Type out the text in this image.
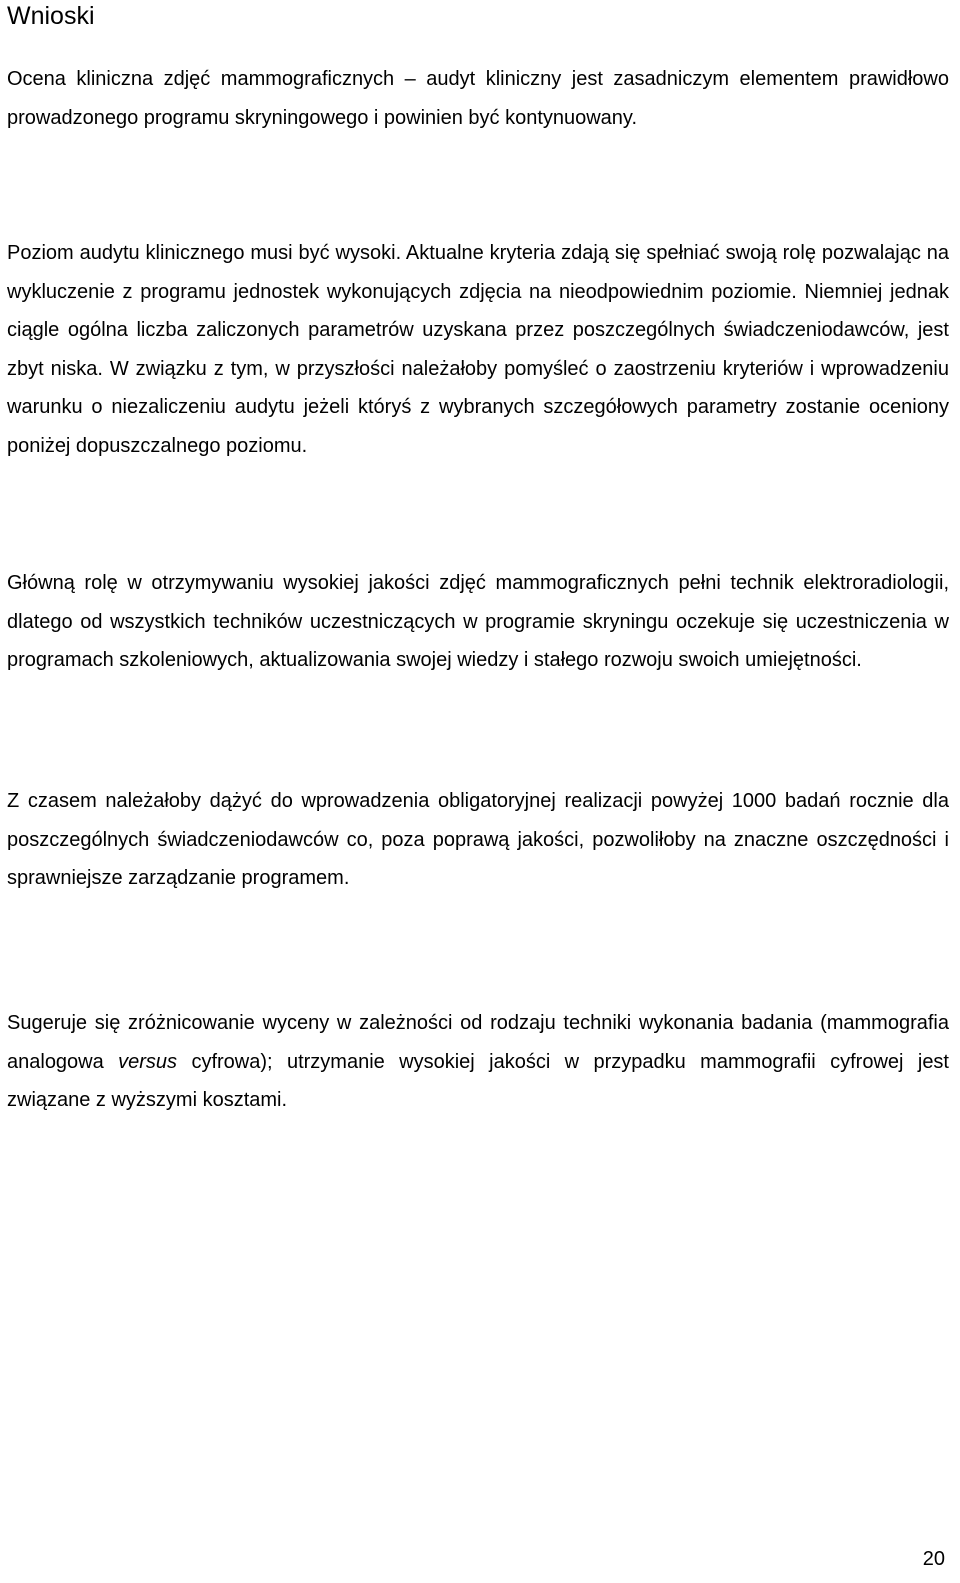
Wnioski

Ocena kliniczna zdjęć mammograficznych – audyt kliniczny jest zasadniczym elementem prawidłowo prowadzonego programu skryningowego i powinien być kontynuowany.

Poziom audytu klinicznego musi być wysoki. Aktualne kryteria zdają się spełniać swoją rolę pozwalając na wykluczenie z programu jednostek wykonujących zdjęcia na nieodpowiednim poziomie. Niemniej jednak ciągle ogólna liczba zaliczonych parametrów uzyskana przez poszczególnych świadczeniodawców, jest zbyt niska. W związku z tym, w przyszłości należałoby pomyśleć o zaostrzeniu kryteriów i wprowadzeniu warunku o niezaliczeniu audytu jeżeli któryś z wybranych szczegółowych parametry zostanie oceniony poniżej dopuszczalnego poziomu.

Główną rolę w otrzymywaniu wysokiej jakości zdjęć mammograficznych pełni technik elektroradiologii, dlatego od wszystkich techników uczestniczących w programie skryningu oczekuje się uczestniczenia w programach szkoleniowych, aktualizowania swojej wiedzy i stałego rozwoju swoich umiejętności.

Z czasem należałoby dążyć do wprowadzenia obligatoryjnej realizacji powyżej 1000 badań rocznie dla poszczególnych świadczeniodawców co, poza poprawą jakości, pozwoliłoby na znaczne oszczędności i sprawniejsze zarządzanie programem.

Sugeruje się zróżnicowanie wyceny w zależności od rodzaju techniki wykonania badania (mammografia analogowa versus cyfrowa); utrzymanie wysokiej jakości w przypadku mammografii cyfrowej jest związane z wyższymi kosztami.

20
